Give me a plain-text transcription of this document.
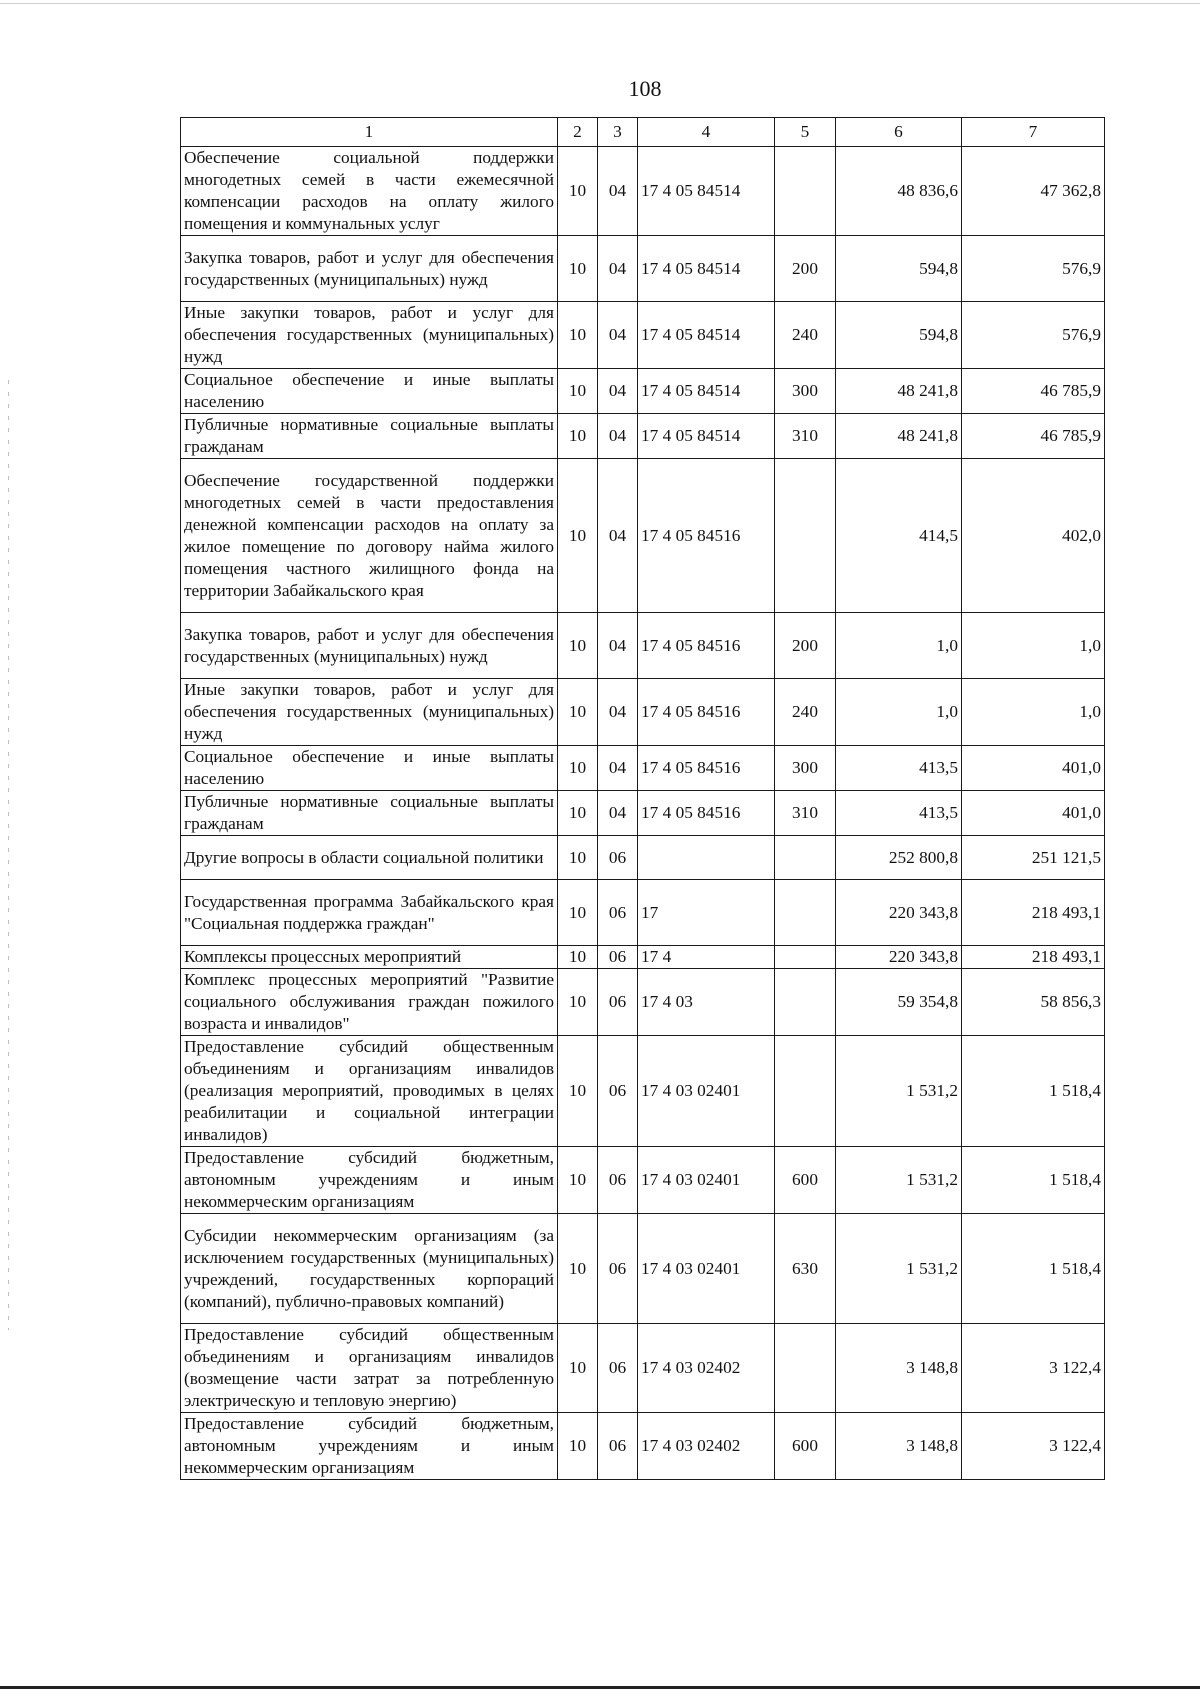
108
1	2	3	4	5	6	7
Обеспечение социальной поддержки многодетных семей в части ежемесячной компенсации расходов на оплату жилого помещения и коммунальных услуг	10	04	17 4 05 84514		48 836,6	47 362,8
Закупка товаров, работ и услуг для обеспечения государственных (муниципальных) нужд	10	04	17 4 05 84514	200	594,8	576,9
Иные закупки товаров, работ и услуг для обеспечения государственных (муниципальных) нужд	10	04	17 4 05 84514	240	594,8	576,9
Социальное обеспечение и иные выплаты населению	10	04	17 4 05 84514	300	48 241,8	46 785,9
Публичные нормативные социальные выплаты гражданам	10	04	17 4 05 84514	310	48 241,8	46 785,9
Обеспечение государственной поддержки многодетных семей в части предоставления денежной компенсации расходов на оплату за жилое помещение по договору найма жилого помещения частного жилищного фонда на территории Забайкальского края	10	04	17 4 05 84516		414,5	402,0
Закупка товаров, работ и услуг для обеспечения государственных (муниципальных) нужд	10	04	17 4 05 84516	200	1,0	1,0
Иные закупки товаров, работ и услуг для обеспечения государственных (муниципальных) нужд	10	04	17 4 05 84516	240	1,0	1,0
Социальное обеспечение и иные выплаты населению	10	04	17 4 05 84516	300	413,5	401,0
Публичные нормативные социальные выплаты гражданам	10	04	17 4 05 84516	310	413,5	401,0
Другие вопросы в области социальной политики	10	06			252 800,8	251 121,5
Государственная программа Забайкальского края "Социальная поддержка граждан"	10	06	17		220 343,8	218 493,1
Комплексы процессных мероприятий	10	06	17 4		220 343,8	218 493,1
Комплекс процессных мероприятий "Развитие социального обслуживания граждан пожилого возраста и инвалидов"	10	06	17 4 03		59 354,8	58 856,3
Предоставление субсидий общественным объединениям и организациям инвалидов (реализация мероприятий, проводимых в целях реабилитации и социальной интеграции инвалидов)	10	06	17 4 03 02401		1 531,2	1 518,4
Предоставление субсидий бюджетным, автономным учреждениям и иным некоммерческим организациям	10	06	17 4 03 02401	600	1 531,2	1 518,4
Субсидии некоммерческим организациям (за исключением государственных (муниципальных) учреждений, государственных корпораций (компаний), публично-правовых компаний)	10	06	17 4 03 02401	630	1 531,2	1 518,4
Предоставление субсидий общественным объединениям и организациям инвалидов (возмещение части затрат за потребленную электрическую и тепловую энергию)	10	06	17 4 03 02402		3 148,8	3 122,4
Предоставление субсидий бюджетным, автономным учреждениям и иным некоммерческим организациям	10	06	17 4 03 02402	600	3 148,8	3 122,4
